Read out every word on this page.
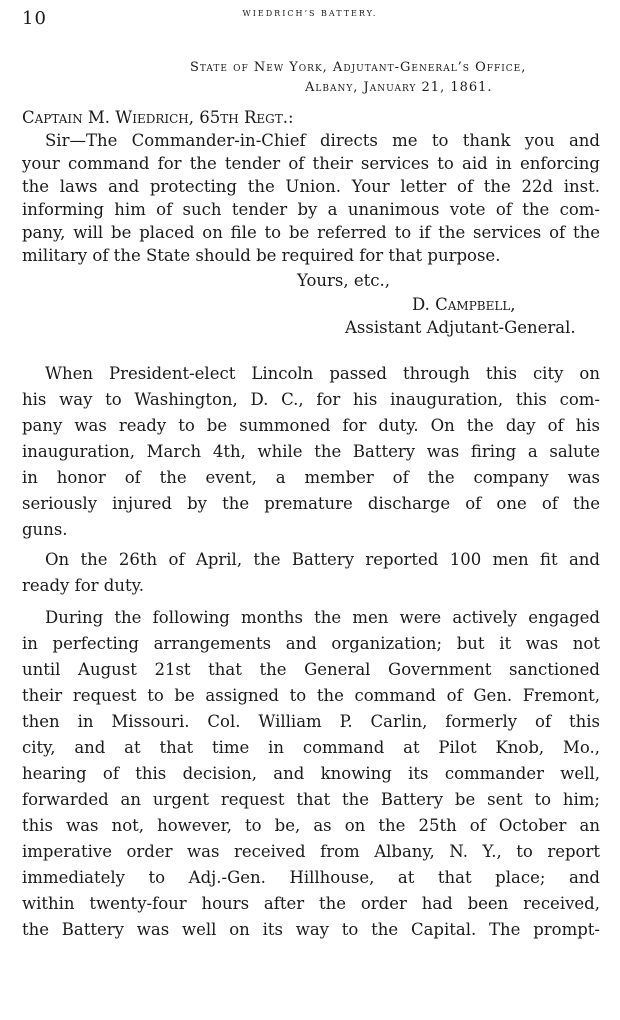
10	WIEDRICH’S BATTERY.
State of New York, Adjutant-General’s Office,
Albany, January 21, 1861.
Captain M. Wiedrich, 65th Regt.:
Sir—The Commander-in-Chief directs me to thank you and
your command for the tender of their services to aid in enforcing
the laws and protecting the Union. Your letter of the 22d inst.
informing him of such tender by a unanimous vote of the com-
pany, will be placed on file to be referred to if the services of the
military of the State should be required for that purpose.
Yours, etc.,
D. Campbell,
Assistant Adjutant-General.
When President-elect Lincoln passed through this city on
his way to Washington, D. C., for his inauguration, this com-
pany was ready to be summoned for duty. On the day of his
inauguration, March 4th, while the Battery was firing a salute
in honor of the event, a member of the company was
seriously injured by the premature discharge of one of the
guns.
On the 26th of April, the Battery reported 100 men fit and
ready for duty.
During the following months the men were actively engaged
in perfecting arrangements and organization; but it was not
until August 21st that the General Government sanctioned
their request to be assigned to the command of Gen. Fremont,
then in Missouri. Col. William P. Carlin, formerly of this
city, and at that time in command at Pilot Knob, Mo.,
hearing of this decision, and knowing its commander well,
forwarded an urgent request that the Battery be sent to him;
this was not, however, to be, as on the 25th of October an
imperative order was received from Albany, N. Y., to report
immediately to Adj.-Gen. Hillhouse, at that place; and
within twenty-four hours after the order had been received,
the Battery was well on its way to the Capital. The prompt-
